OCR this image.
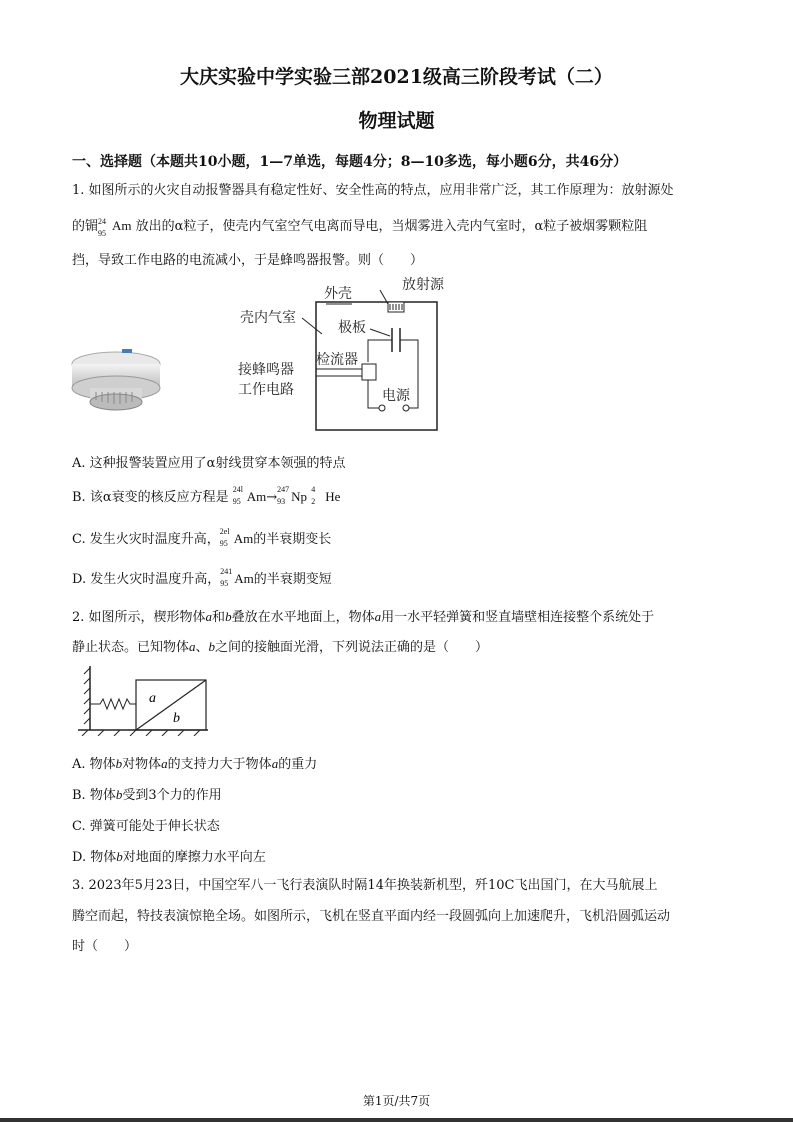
大庆实验中学实验三部2021级高三阶段考试（二）
物理试题
一、选择题（本题共10小题，1—7单选，每题4分；8—10多选，每小题6分，共46分）
1. 如图所示的火灾自动报警器具有稳定性好、安全性高的特点，应用非常广泛，其工作原理为：放射源处
的镅 24
95
Am 放出的α粒子，使壳内气室空气电离而导电，当烟雾进入壳内气室时，α粒子被烟雾颗粒阻
挡，导致工作电路的电流减小，于是蜂鸣器报警。则（　　）
外壳
放射源
壳内气室
极板
检流器
接蜂鸣器
工作电路	电源
A. 这种报警装置应用了α射线贯穿本领强的特点
B. 该α衰变的核反应方程是
24l
95 Am→
247
93 Np 4
2 He
C. 发生火灾时温度升高，
2el
95 Am的半衰期变长
D. 发生火灾时温度升高，
241
95 Am的半衰期变短
2. 如图所示，楔形物体a和b叠放在水平地面上，物体a用一水平轻弹簧和竖直墙壁相连接整个系统处于
静止状态。已知物体a、b之间的接触面光滑，下列说法正确的是（　　）
a
b
A. 物体b对物体a的支持力大于物体a的重力
B. 物体b受到3个力的作用
C. 弹簧可能处于伸长状态
D. 物体b对地面的摩擦力水平向左
3. 2023年5月23日，中国空军八一飞行表演队时隔14年换装新机型，歼10C飞出国门，在大马航展上
腾空而起，特技表演惊艳全场。如图所示，飞机在竖直平面内经一段圆弧向上加速爬升，飞机沿圆弧运动
时（　　）
第1页/共7页
